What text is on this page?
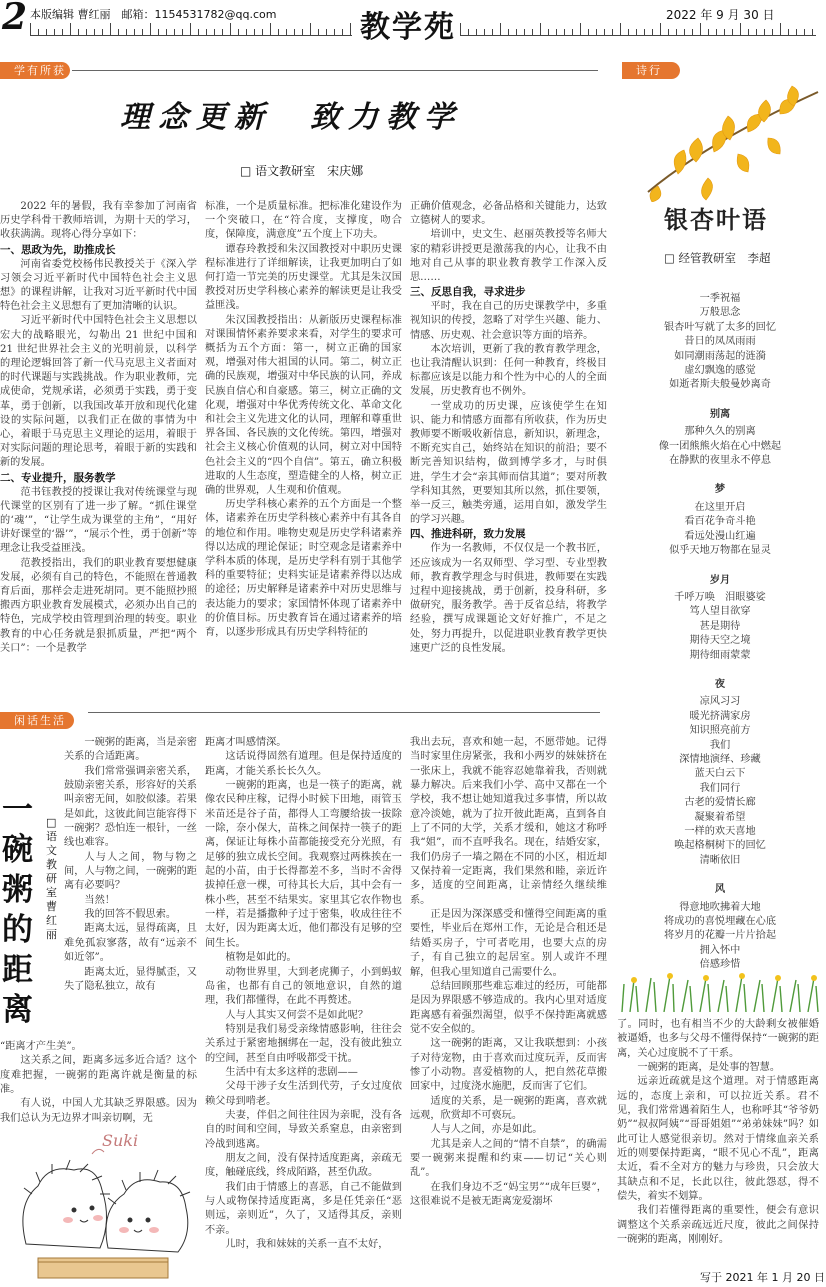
2 本版编辑 曹红丽　邮箱：1154531782@qq.com	教学苑	2022 年 9 月 30 日
学有所获
理念更新　致力教学
□ 语文教研室　宋庆娜

2022 年的暑假，我有幸参加了河南省历史学科骨干教师培训，为期十天的学习，收获满满。现将心得分享如下：

一、思政为先，助推成长

河南省委党校杨伟民教授关于《深入学习领会习近平新时代中国特色社会主义思想》的课程讲解，让我对习近平新时代中国特色社会主义思想有了更加清晰的认识。

习近平新时代中国特色社会主义思想以宏大的战略眼光，勾勒出 21 世纪中国和 21 世纪世界社会主义的光明前景，以科学的理论逻辑回答了新一代马克思主义者面对的时代课题与实践挑战。作为职业教师，完成使命，党规承诺，必须勇于实践，勇于变革，勇于创新，以我国改革开放和现代化建设的实际问题，以我们正在做的事情为中心，着眼于马克思主义理论的运用，着眼于对实际问题的理论思考，着眼于新的实践和新的发展。

二、专业提升，服务教学

范书钰教授的授课让我对传统课堂与现代课堂的区别有了进一步了解。“抓住课堂的‘魂’”，“让学生成为课堂的主角”，“用好讲好课堂的‘器’”，“展示个性，勇于创新”等理念让我受益匪浅。

范教授指出，我们的职业教育要想健康发展，必须有自己的特色，不能照在普通教育后面，那样会走进死胡同。更不能照抄照搬西方职业教育发展模式，必须办出自己的特色，完成学校由管理到治理的转变。职业教育的中心任务就是狠抓质量，严把“两个关口”：一个是教学

标准，一个是质量标准。把标准化建设作为一个突破口，在“符合度，支撑度，吻合度，保障度，满意度”五个度上下功夫。

谭春玲教授和朱汉国教授对中职历史课程标准进行了详细解读，让我更加明白了如何打造一节完美的历史课堂。尤其是朱汉国教授对历史学科核心素养的解读更是让我受益匪浅。

朱汉国教授指出：从新版历史课程标准对课围情怀素养要求来看，对学生的要求可概括为五个方面：第一，树立正确的国家观，增强对伟大祖国的认同。第二，树立正确的民族观，增强对中华民族的认同，养成民族自信心和自豪感。第三，树立正确的文化观，增强对中华优秀传统文化、革命文化和社会主义先进文化的认同，理解和尊重世界各国、各民族的文化传统。第四，增强对社会主义核心价值观的认同，树立对中国特色社会主义的“四个自信”。第五，确立积极进取的人生态度，塑造健全的人格，树立正确的世界观，人生观和价值观。

历史学科核心素养的五个方面是一个整体，诸素养在历史学科核心素养中有其各自的地位和作用。唯物史观是历史学科诸素养得以达成的理论保证；时空观念是诸素养中学科本质的体现，是历史学科有别于其他学科的重要特征；史料实证是诸素养得以达成的途径；历史解释是诸素养中对历史思维与表达能力的要求；家国情怀体现了诸素养中的价值目标。历史教育旨在通过诸素养的培育，以逐步形成具有历史学科特征的

正确价值观念，必备品格和关键能力，达致立德树人的要求。

培训中，史文生、赵丽英教授等名师大家的精彩讲授更是激荡我的内心，让我不由地对自己从事的职业教育教学工作深入反思……

三、反思自我，寻求进步

平时，我在自己的历史课教学中，多重视知识的传授，忽略了对学生兴趣、能力、情感、历史观、社会意识等方面的培养。

本次培训，更新了我的教育教学理念，也让我清醒认识到：任何一种教育，终极目标都应该是以能力和个性为中心的人的全面发展，历史教育也不例外。

一堂成功的历史课，应该使学生在知识、能力和情感方面都有所收获，作为历史教师要不断吸收新信息，新知识，新理念，不断充实自己，始终站在知识的前沿；要不断完善知识结构，做到博学多才，与时俱进，学生才会“亲其师而信其道”；要对所教学科知其然，更要知其所以然，抓住要领，举一反三，触类旁通，运用自如，激发学生的学习兴趣。

四、推进科研，致力发展

作为一名教师，不仅仅是一个教书匠，还应该成为一名双师型、学习型、专业型教师，教育教学理念与时俱进，教师要在实践过程中迎接挑战，勇于创新，投身科研，多做研究，服务教学。善于反省总结，将教学经验，撰写成课题论文好好推广，不足之处，努力再提升，以促进职业教育教学更快速更广泛的良性发展。

诗行
银杏叶语
□ 经管教研室　李超
一季祝福
万般思念
银杏叶写就了太多的回忆
昔日的凤凤雨雨
如同潮雨荡起的涟漪
虚幻飘逸的感觉
如逝者斯夫般曼妙离奇
别离
那种久久的别离
像一团熊熊火焰在心中燃起
在静默的夜里永不停息
梦
在这里开启
看百花争奇斗艳
看远处漫山红遍
似乎天地万物都在显灵
岁月
千呼万唤　泪眼婆娑
笃人望目欲穿
甚是期待
期待天空之境
期待细雨蒙蒙
夜
凉风习习
暖光挤满家房
知识照亮前方
我们
深情地演绎、珍藏
蓝天白云下
我们同行
古老的爱情长廊
凝聚着希望
一样的欢天喜地
唤起格桐树下的回忆
清晰依旧
风
得意地吹拂着大地
将成功的喜悦埋藏在心底
将岁月的花瓣一片片拾起
拥入怀中
倍感珍惜
闲话生活
一碗粥的距离
□ 语文教研室　曹红丽

一碗粥的距离，当是亲密关系的合适距离。

我们常常强调亲密关系，鼓励亲密关系，形容好的关系叫亲密无间，如胶似漆。若果是如此，这彼此间岂能容得下一碗粥？恐怕连一根针，一丝线也难容。

人与人之间，物与物之间，人与物之间，一碗粥的距离有必要吗？

当然！

我的回答不假思索。

距离太远，显得疏离，且难免孤寂寥落，故有“远亲不如近邻”。

距离太近，显得腻歪，又失了隐私独立，故有

“距离才产生美”。

这关系之间，距离多远多近合适？这个度难把握，一碗粥的距离许就是衡量的标准。

有人说，中国人尤其缺乏界限感。因为我们总认为无边界才叫亲切啊，无

Suki

距离才叫感情深。

这话说得固然有道理。但是保持适度的距离，才能关系长长久久。

一碗粥的距离，也是一筷子的距离，就像农民种庄稼，记得小时候下田地，雨管玉米苗还是谷子苗，都得人工弯腰给拔一拔除一除，奈小保大，苗株之间保持一筷子的距离，保证让每株小苗都能接受充分光照，有足够的独立成长空间。我观察过两株挨在一起的小苗，由于长得都差不多，当时不舍得拔掉任意一棵，可待其长大后，其中会有一株小些，甚至不结果实。家里其它农作物也一样，若是播撒种子过于密集，收成往往不太好，因为距离太近，他们都没有足够的空间生长。

植物是如此的。

动物世界里，大到老虎狮子，小到蚂蚁岛雀，也都有自己的领地意识，自然的道理，我们都懂得，在此不再赘述。

人与人其实又何尝不是如此呢？

特别是我们易受亲缘情感影响，往往会关系过于紧密地捆绑在一起，没有彼此独立的空间，甚至自由呼吸都受干扰。

生活中有太多这样的悲剧——

父母干涉子女生活到代劳，子女过度依赖父母到啃老。

夫妻，伴侣之间往往因为亲昵，没有各自的时间和空间，导致关系窒息，由亲密到冷战到逃离。

朋友之间，没有保持适度距离，亲疏无度，触碰底线，终成陌路，甚至仇敌。

我们由于情感上的喜恶，自己不能做到与人或物保持适度距离，多是任凭亲任“恶则远，亲则近”，久了，又适得其反，亲则不亲。

儿时，我和妹妹的关系一直不太好，

我出去玩，喜欢和她一起，不愿带她。记得当时家里住房紧张，我和小两岁的妹妹挤在一张床上，我就不能容忍她靠着我，否则就暴力解决。后来我们小学、高中又都在一个学校，我不想让她知道我过多事情，所以故意冷淡她，就为了拉开彼此距离，直到各自上了不同的大学，关系才缓和，她这才称呼我“姐”，而不直呼我名。现在，结婚安家，我们仍房子一墙之隔在不同的小区，相近却又保持着一定距离，我们果然和睦，亲近许多，适度的空间距离，让亲情经久继续维系。

正是因为深深感受和懂得空间距离的重要性，毕业后在郑州工作，无论是合租还是结婚买房子，宁可者吃用，也要大点的房子，有自己独立的起居室。别人或许不理解，但我心里知道自己需要什么。

总结回顾那些难忘难过的经历，可能都是因为界限感不够造成的。我内心里对适度距离感有着强烈渴望，似乎不保持距离就感觉不安全似的。

这一碗粥的距离，又让我联想到：小孩子对待宠物，由于喜欢而过度玩弄，反而害惨了小动物。喜爱植物的人，把自然花草搬回家中，过度浇水施肥，反而害了它们。

适度的关系，是一碗粥的距离，喜欢就远观，欣赏却不可亵玩。

人与人之间，亦是如此。

尤其是亲人之间的“情不自禁”，的确需要一碗粥来提醒和约束——切记“关心则乱”。

在我们身边不乏“妈宝男”“成年巨婴”，这很难说不是被无距离宠爱溺坏

了。同时，也有相当不少的大龄剩女被催婚被逼婚，也多与父母不懂得保持“一碗粥的距离，关心过度脱不了干系。

一碗粥的距离，是处事的智慧。

远亲近疏就是这个道理。对于情感距离远的，态度上亲和，可以拉近关系。君不见，我们常常遇着陌生人，也称呼其“爷爷奶奶”“叔叔阿姨”“哥哥姐姐”“弟弟妹妹”吗？如此可让人感觉很亲切。然对于情缘血亲关系近的则要保持距离，“眼不见心不乱”，距离太近，看不全对方的魅力与珍贵，只会放大其缺点和不足，长此以往，彼此怨怼，得不偿失，着实不划算。

我们若懂得距离的重要性，便会有意识调整这个关系亲疏远近尺度，彼此之间保持一碗粥的距离，刚刚好。

写于 2021 年 1 月 20 日
